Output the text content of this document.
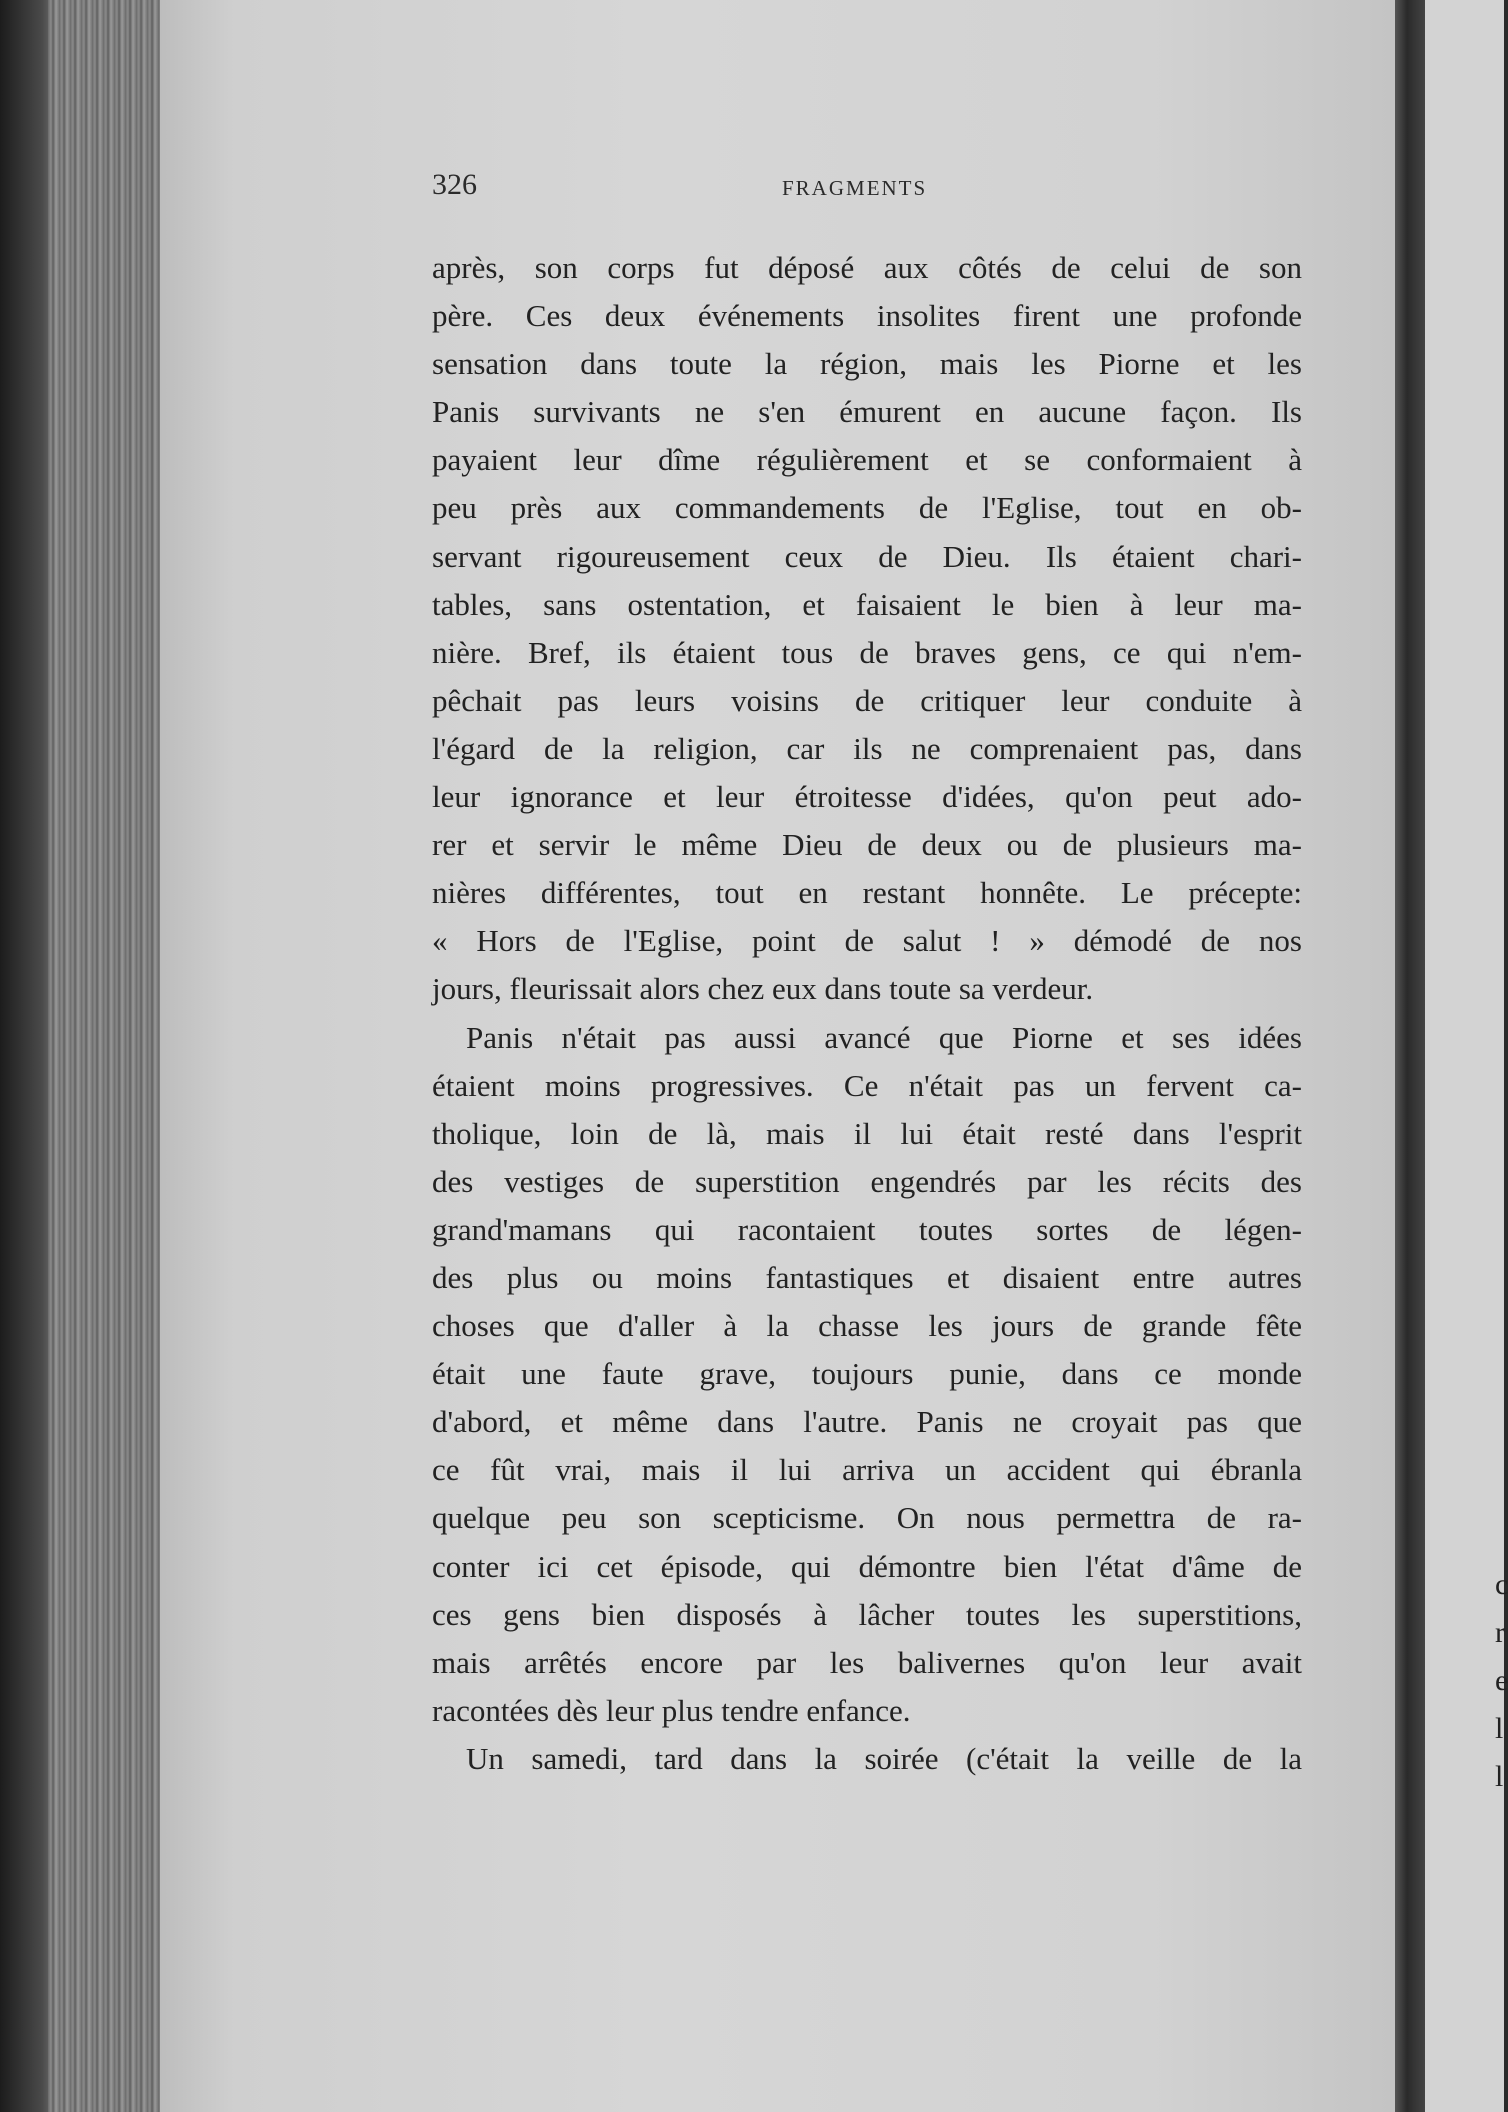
326	FRAGMENTS
après, son corps fut déposé aux côtés de celui de son
père. Ces deux événements insolites firent une profonde
sensation dans toute la région, mais les Piorne et les
Panis survivants ne s'en émurent en aucune façon. Ils
payaient leur dîme régulièrement et se conformaient à
peu près aux commandements de l'Eglise, tout en ob-
servant rigoureusement ceux de Dieu. Ils étaient chari-
tables, sans ostentation, et faisaient le bien à leur ma-
nière. Bref, ils étaient tous de braves gens, ce qui n'em-
pêchait pas leurs voisins de critiquer leur conduite à
l'égard de la religion, car ils ne comprenaient pas, dans
leur ignorance et leur étroitesse d'idées, qu'on peut ado-
rer et servir le même Dieu de deux ou de plusieurs ma-
nières différentes, tout en restant honnête. Le précepte:
« Hors de l'Eglise, point de salut ! » démodé de nos
jours, fleurissait alors chez eux dans toute sa verdeur.
Panis n'était pas aussi avancé que Piorne et ses idées
étaient moins progressives. Ce n'était pas un fervent ca-
tholique, loin de là, mais il lui était resté dans l'esprit
des vestiges de superstition engendrés par les récits des
grand'mamans qui racontaient toutes sortes de légen-
des plus ou moins fantastiques et disaient entre autres
choses que d'aller à la chasse les jours de grande fête
était une faute grave, toujours punie, dans ce monde
d'abord, et même dans l'autre. Panis ne croyait pas que
ce fût vrai, mais il lui arriva un accident qui ébranla
quelque peu son scepticisme. On nous permettra de ra-
conter ici cet épisode, qui démontre bien l'état d'âme de
ces gens bien disposés à lâcher toutes les superstitions,
mais arrêtés encore par les balivernes qu'on leur avait
racontées dès leur plus tendre enfance.
Un samedi, tard dans la soirée (c'était la veille de la
c
r
e
l
l
